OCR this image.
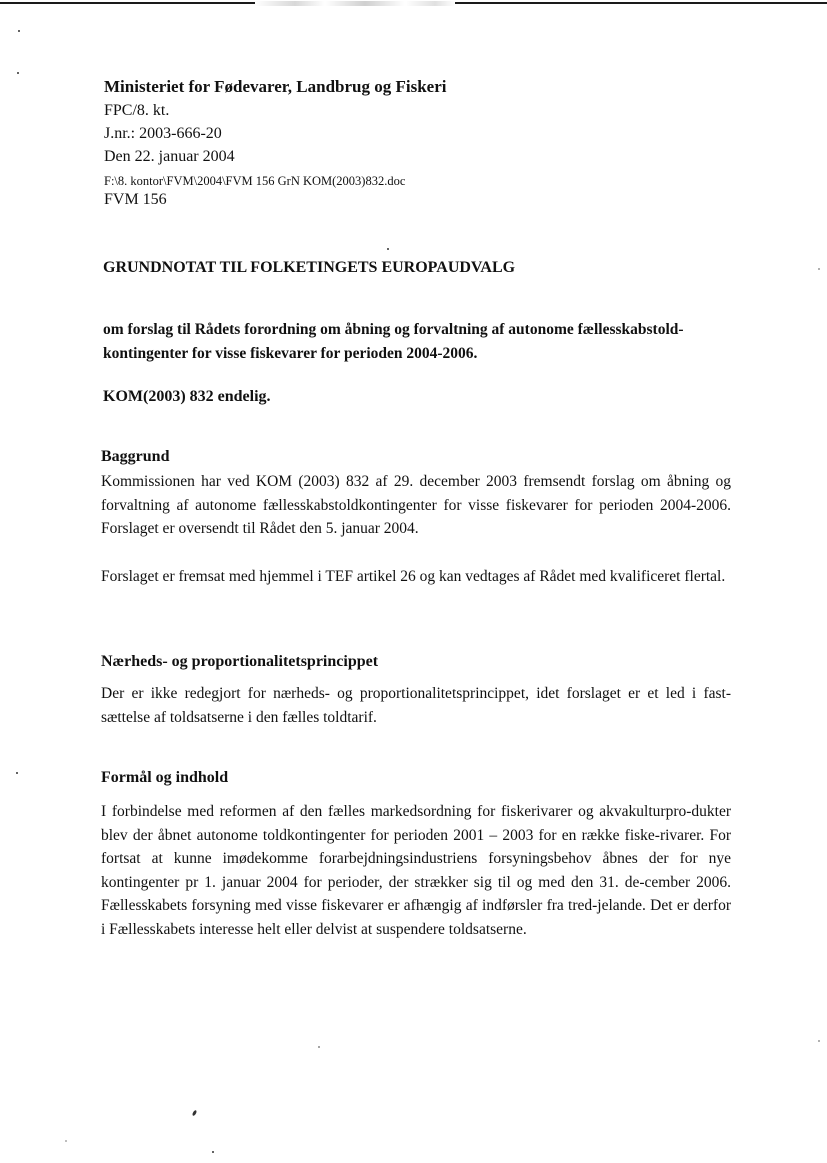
Ministeriet for Fødevarer, Landbrug og Fiskeri
FPC/8. kt.
J.nr.: 2003-666-20
Den 22. januar 2004
F:\8. kontor\FVM\2004\FVM 156 GrN KOM(2003)832.doc
FVM 156
GRUNDNOTAT TIL FOLKETINGETS EUROPAUDVALG

om forslag til Rådets forordning om åbning og forvaltning af autonome fællesskabstold-kontingenter for visse fiskevarer for perioden 2004-2006.

KOM(2003) 832 endelig.
Baggrund

Kommissionen har ved KOM (2003) 832 af 29. december 2003 fremsendt forslag om åbning og forvaltning af autonome fællesskabstoldkontingenter for visse fiskevarer for perioden 2004-2006. Forslaget er oversendt til Rådet den 5. januar 2004.

Forslaget er fremsat med hjemmel i TEF artikel 26 og kan vedtages af Rådet med kvalificeret flertal.

Nærheds- og proportionalitetsprincippet

Der er ikke redegjort for nærheds- og proportionalitetsprincippet, idet forslaget er et led i fast-sættelse af toldsatserne i den fælles toldtarif.

Formål og indhold

I forbindelse med reformen af den fælles markedsordning for fiskerivarer og akvakulturpro-dukter blev der åbnet autonome toldkontingenter for perioden 2001 – 2003 for en række fiske-rivarer. For fortsat at kunne imødekomme forarbejdningsindustriens forsyningsbehov åbnes der for nye kontingenter pr 1. januar 2004 for perioder, der strækker sig til og med den 31. de-cember 2006. Fællesskabets forsyning med visse fiskevarer er afhængig af indførsler fra tred-jelande. Det er derfor i Fællesskabets interesse helt eller delvist at suspendere toldsatserne.
